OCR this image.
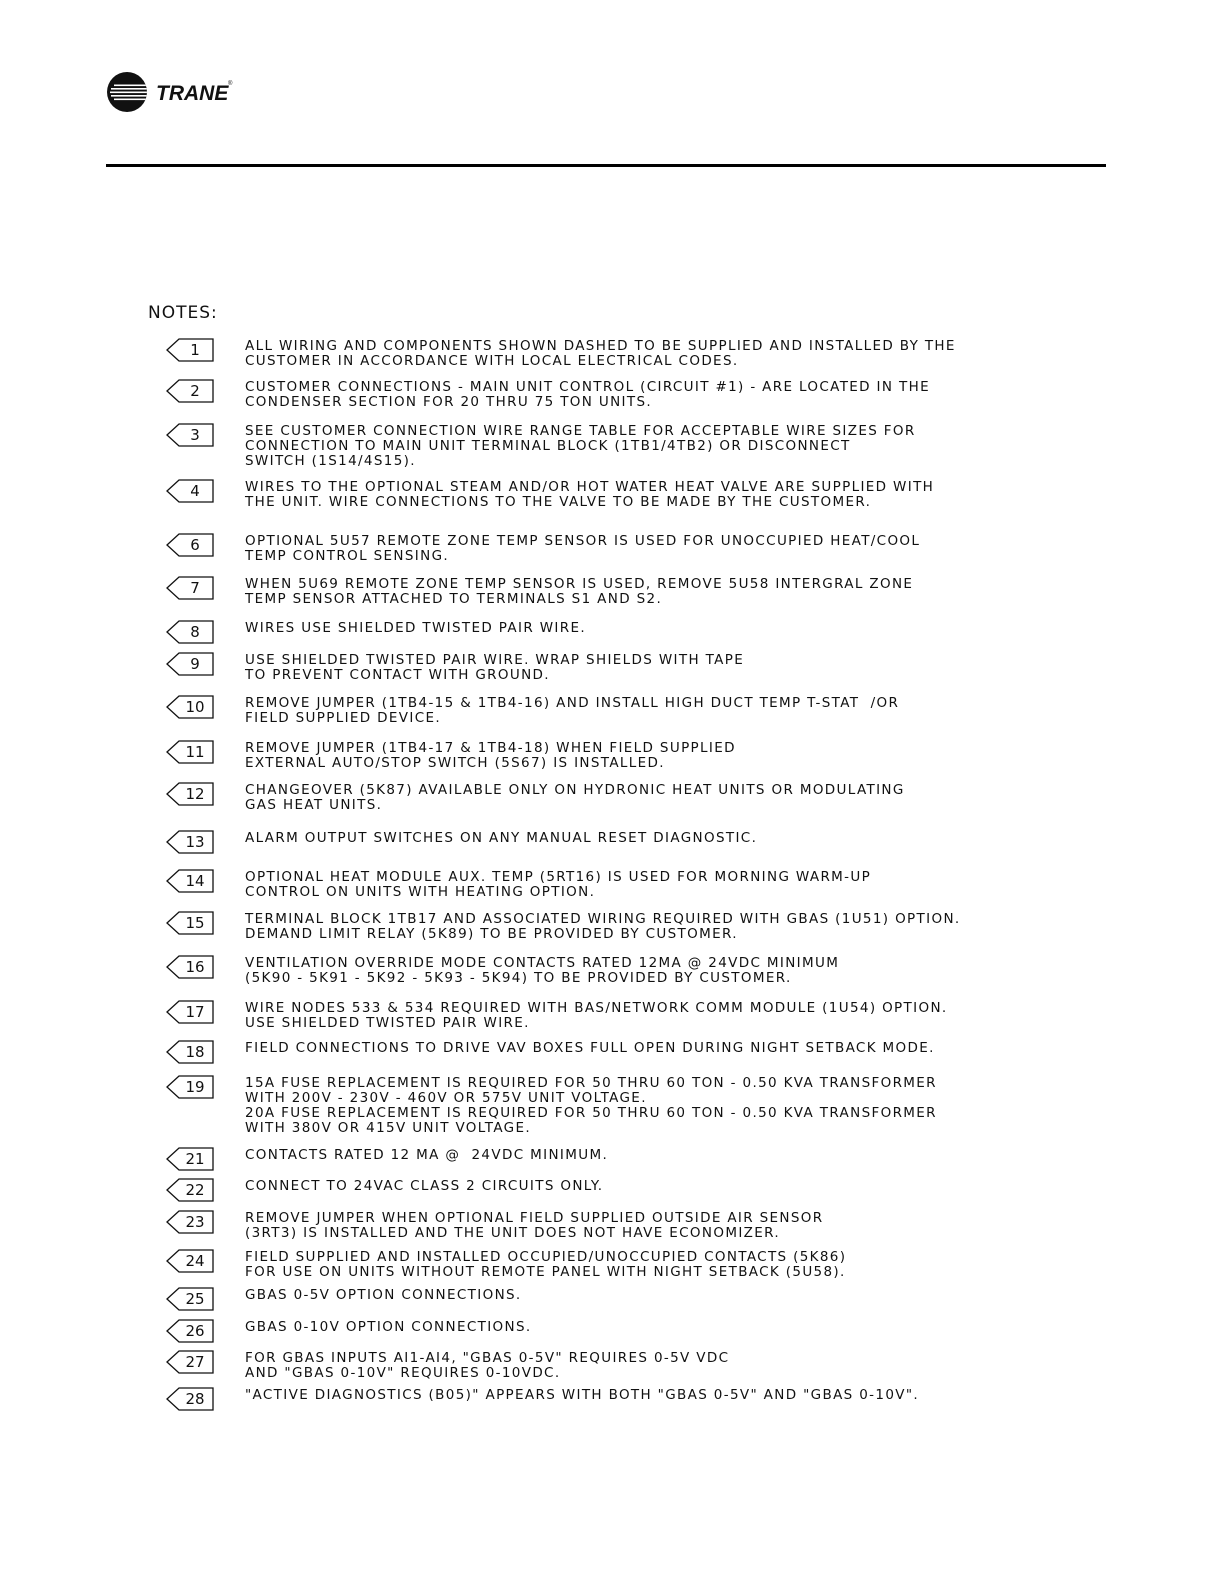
TRANE ®
NOTES:
1	ALL WIRING AND COMPONENTS SHOWN DASHED TO BE SUPPLIED AND INSTALLED BY THE
CUSTOMER IN ACCORDANCE WITH LOCAL ELECTRICAL CODES.
2	CUSTOMER CONNECTIONS - MAIN UNIT CONTROL (CIRCUIT #1) - ARE LOCATED IN THE
CONDENSER SECTION FOR 20 THRU 75 TON UNITS.
3	SEE CUSTOMER CONNECTION WIRE RANGE TABLE FOR ACCEPTABLE WIRE SIZES FOR
CONNECTION TO MAIN UNIT TERMINAL BLOCK (1TB1/4TB2) OR DISCONNECT
SWITCH (1S14/4S15).
4	WIRES TO THE OPTIONAL STEAM AND/OR HOT WATER HEAT VALVE ARE SUPPLIED WITH
THE UNIT. WIRE CONNECTIONS TO THE VALVE TO BE MADE BY THE CUSTOMER.
6	OPTIONAL 5U57 REMOTE ZONE TEMP SENSOR IS USED FOR UNOCCUPIED HEAT/COOL
TEMP CONTROL SENSING.
7	WHEN 5U69 REMOTE ZONE TEMP SENSOR IS USED, REMOVE 5U58 INTERGRAL ZONE
TEMP SENSOR ATTACHED TO TERMINALS S1 AND S2.
8	WIRES USE SHIELDED TWISTED PAIR WIRE.
9	USE SHIELDED TWISTED PAIR WIRE. WRAP SHIELDS WITH TAPE
TO PREVENT CONTACT WITH GROUND.
10	REMOVE JUMPER (1TB4-15 & 1TB4-16) AND INSTALL HIGH DUCT TEMP T-STAT  /OR
FIELD SUPPLIED DEVICE.
11	REMOVE JUMPER (1TB4-17 & 1TB4-18) WHEN FIELD SUPPLIED
EXTERNAL AUTO/STOP SWITCH (5S67) IS INSTALLED.
12	CHANGEOVER (5K87) AVAILABLE ONLY ON HYDRONIC HEAT UNITS OR MODULATING
GAS HEAT UNITS.
13	ALARM OUTPUT SWITCHES ON ANY MANUAL RESET DIAGNOSTIC.
14	OPTIONAL HEAT MODULE AUX. TEMP (5RT16) IS USED FOR MORNING WARM-UP
CONTROL ON UNITS WITH HEATING OPTION.
15	TERMINAL BLOCK 1TB17 AND ASSOCIATED WIRING REQUIRED WITH GBAS (1U51) OPTION.
DEMAND LIMIT RELAY (5K89) TO BE PROVIDED BY CUSTOMER.
16	VENTILATION OVERRIDE MODE CONTACTS RATED 12MA @ 24VDC MINIMUM
(5K90 - 5K91 - 5K92 - 5K93 - 5K94) TO BE PROVIDED BY CUSTOMER.
17	WIRE NODES 533 & 534 REQUIRED WITH BAS/NETWORK COMM MODULE (1U54) OPTION.
USE SHIELDED TWISTED PAIR WIRE.
18	FIELD CONNECTIONS TO DRIVE VAV BOXES FULL OPEN DURING NIGHT SETBACK MODE.
19	15A FUSE REPLACEMENT IS REQUIRED FOR 50 THRU 60 TON - 0.50 KVA TRANSFORMER
WITH 200V - 230V - 460V OR 575V UNIT VOLTAGE.
20A FUSE REPLACEMENT IS REQUIRED FOR 50 THRU 60 TON - 0.50 KVA TRANSFORMER
WITH 380V OR 415V UNIT VOLTAGE.
21	CONTACTS RATED 12 MA @  24VDC MINIMUM.
22	CONNECT TO 24VAC CLASS 2 CIRCUITS ONLY.
23	REMOVE JUMPER WHEN OPTIONAL FIELD SUPPLIED OUTSIDE AIR SENSOR
(3RT3) IS INSTALLED AND THE UNIT DOES NOT HAVE ECONOMIZER.
24	FIELD SUPPLIED AND INSTALLED OCCUPIED/UNOCCUPIED CONTACTS (5K86)
FOR USE ON UNITS WITHOUT REMOTE PANEL WITH NIGHT SETBACK (5U58).
25	GBAS 0-5V OPTION CONNECTIONS.
26	GBAS 0-10V OPTION CONNECTIONS.
27	FOR GBAS INPUTS AI1-AI4, "GBAS 0-5V" REQUIRES 0-5V VDC
AND "GBAS 0-10V" REQUIRES 0-10VDC.
28	"ACTIVE DIAGNOSTICS (B05)" APPEARS WITH BOTH "GBAS 0-5V" AND "GBAS 0-10V".
